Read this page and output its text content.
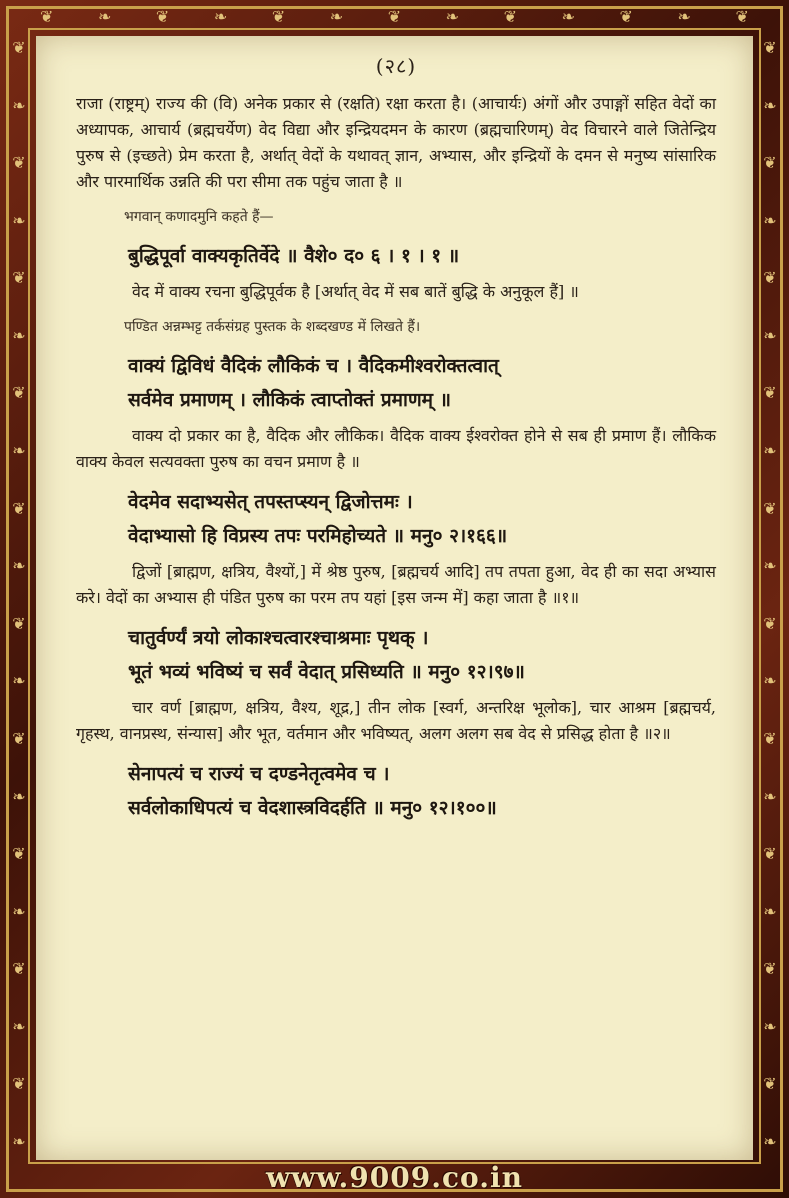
❦	❧	❦	❧	❦	❧	❦	❧	❦	❧	❦	❧	❦
❦
❧
❦
❧
❦
❧
❦
❧
❦
❧
❦
❧
❦
❧
❦
❧
❦
❧
❦
❧
❦
❧
❦
❧
❦
❧
❦
❧
❦
❧
❦
❧
❦
❧
❦
❧
❦
❧
❦
❧
(२८)

राजा (राष्ट्रम्) राज्य की (वि) अनेक प्रकार से (रक्षति) रक्षा करता है। (आचार्यः) अंगों और उपाङ्गों सहित वेदों का अध्यापक, आचार्य (ब्रह्मचर्येण) वेद विद्या और इन्द्रियदमन के कारण (ब्रह्मचारिणम्) वेद विचारने वाले जितेन्द्रिय पुरुष से (इच्छते) प्रेम करता है, अर्थात् वेदों के यथावत् ज्ञान, अभ्यास, और इन्द्रियों के दमन से मनुष्य सांसारिक और पारमार्थिक उन्नति की परा सीमा तक पहुंच जाता है ॥

भगवान् कणादमुनि कहते हैं—

बुद्धिपूर्वा वाक्यकृतिर्वेदे ॥ वैशे० द० ६ । १ । १ ॥

वेद में वाक्य रचना बुद्धिपूर्वक है [अर्थात् वेद में सब बातें बुद्धि के अनुकूल हैं] ॥

पण्डित अन्नम्भट्ट तर्कसंग्रह पुस्तक के शब्दखण्ड में लिखते हैं।

वाक्यं द्विविधं वैदिकं लौकिकं च । वैदिकमीश्वरोक्तत्वात्
सर्वमेव प्रमाणम् । लौकिकं त्वाप्तोक्तं प्रमाणम् ॥

वाक्य दो प्रकार का है, वैदिक और लौकिक। वैदिक वाक्य ईश्वरोक्त होने से सब ही प्रमाण हैं। लौकिक वाक्य केवल सत्यवक्ता पुरुष का वचन प्रमाण है ॥

वेदमेव सदाभ्यसेत् तपस्तप्स्यन् द्विजोत्तमः ।
वेदाभ्यासो हि विप्रस्य तपः परमिहोच्यते ॥ मनु० २।१६६॥

द्विजों [ब्राह्मण, क्षत्रिय, वैश्यों,] में श्रेष्ठ पुरुष, [ब्रह्मचर्य आदि] तप तपता हुआ, वेद ही का सदा अभ्यास करे। वेदों का अभ्यास ही पंडित पुरुष का परम तप यहां [इस जन्म में] कहा जाता है ॥१॥

चातुर्वर्ण्यं त्रयो लोकाश्चत्वारश्चाश्रमाः पृथक् ।
भूतं भव्यं भविष्यं च सर्वं वेदात् प्रसिध्यति ॥ मनु० १२।९७॥

चार वर्ण [ब्राह्मण, क्षत्रिय, वैश्य, शूद्र,] तीन लोक [स्वर्ग, अन्तरिक्ष भूलोक], चार आश्रम [ब्रह्मचर्य, गृहस्थ, वानप्रस्थ, संन्यास] और भूत, वर्तमान और भविष्यत्, अलग अलग सब वेद से प्रसिद्ध होता है ॥२॥

सेनापत्यं च राज्यं च दण्डनेतृत्वमेव च ।
सर्वलोकाधिपत्यं च वेदशास्त्रविदर्हति ॥ मनु० १२।१००॥
www.9009.co.in
